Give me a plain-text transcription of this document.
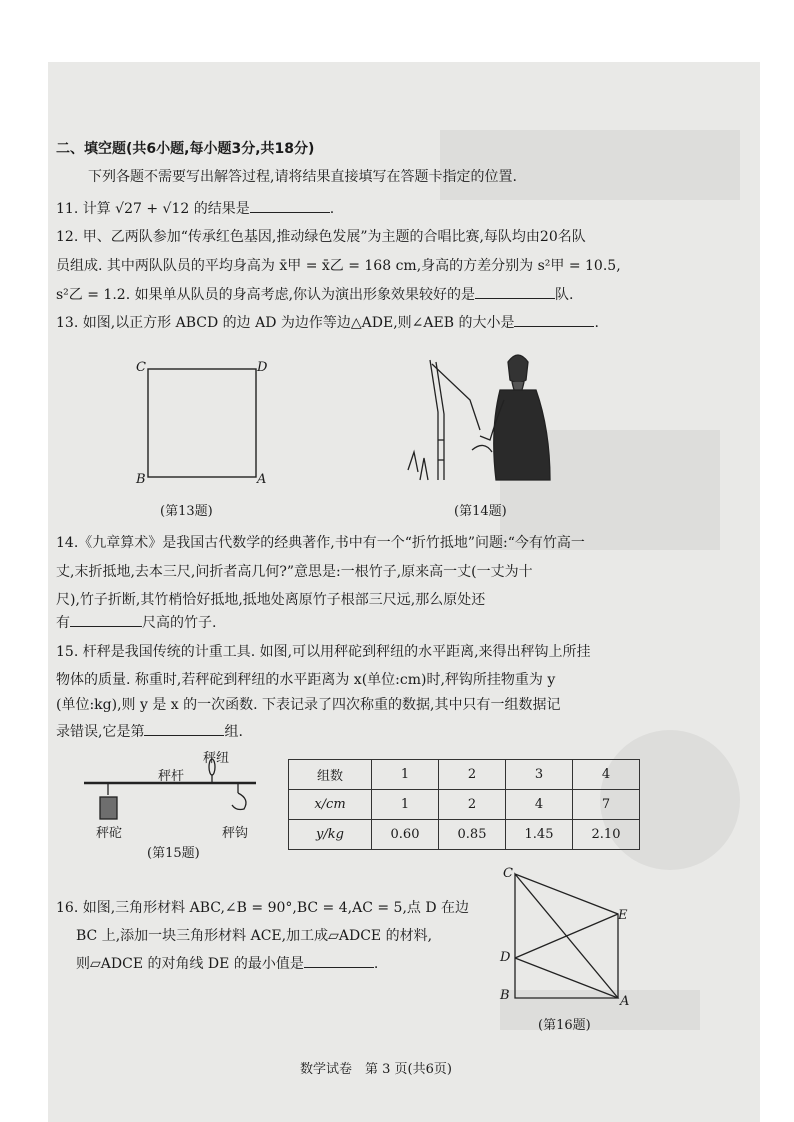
二、填空题(共6小题,每小题3分,共18分)
下列各题不需要写出解答过程,请将结果直接填写在答题卡指定的位置.
11. 计算 √27 + √12 的结果是	.
12. 甲、乙两队参加“传承红色基因,推动绿色发展”为主题的合唱比赛,每队均由20名队
员组成. 其中两队队员的平均身高为 x̄甲 = x̄乙 = 168 cm,身高的方差分别为 s²甲 = 10.5,
s²乙 = 1.2. 如果单从队员的身高考虑,你认为演出形象效果较好的是	队.
13. 如图,以正方形 ABCD 的边 AD 为边作等边△ADE,则∠AEB 的大小是	.
C	D
B	A
(第13题)	(第14题)
14.《九章算术》是我国古代数学的经典著作,书中有一个“折竹抵地”问题:“今有竹高一
丈,末折抵地,去本三尺,问折者高几何?”意思是:一根竹子,原来高一丈(一丈为十
尺),竹子折断,其竹梢恰好抵地,抵地处离原竹子根部三尺远,那么原处还
有	尺高的竹子.
15. 杆秤是我国传统的计重工具. 如图,可以用秤砣到秤纽的水平距离,来得出秤钩上所挂
物体的质量. 称重时,若秤砣到秤纽的水平距离为 x(单位:cm)时,秤钩所挂物重为 y
(单位:kg),则 y 是 x 的一次函数. 下表记录了四次称重的数据,其中只有一组数据记
录错误,它是第	组.
秤纽
秤杆
秤砣	秤钩
(第15题)
组数	1	2	3	4
x/cm	1	2	4	7
y/kg	0.60	0.85	1.45	2.10
16. 如图,三角形材料 ABC,∠B = 90°,BC = 4,AC = 5,点 D 在边
BC 上,添加一块三角形材料 ACE,加工成▱ADCE 的材料,
则▱ADCE 的对角线 DE 的最小值是	.
C
E
D
B	A
(第16题)
数学试卷　第 3 页(共6页)
